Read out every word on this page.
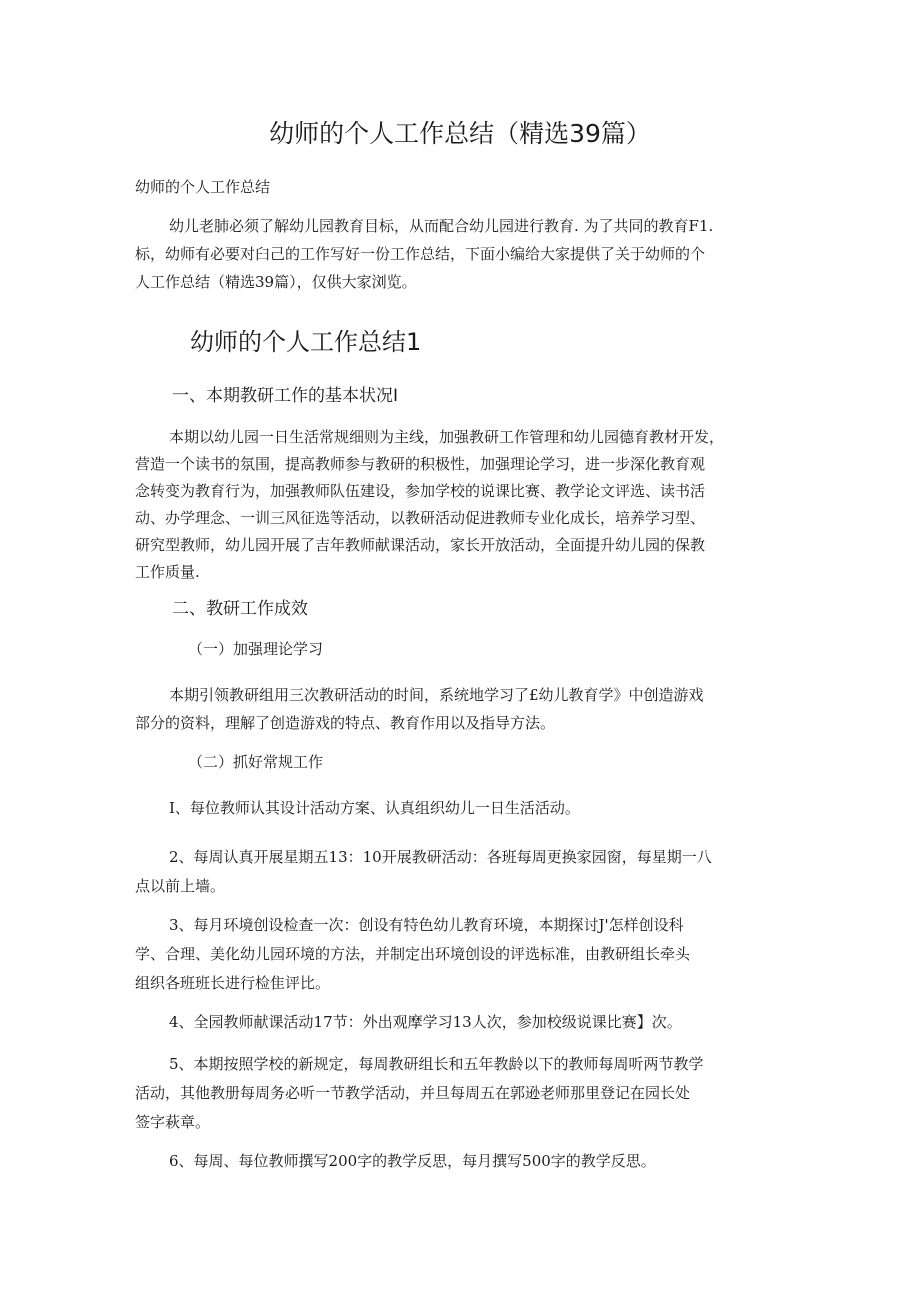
幼师的个人工作总结（精选39篇）
幼师的个人工作总结
幼儿老肺必须了解幼儿园教育目标，从而配合幼儿园进行教育. 为了共同的教育F1.
标，幼师有必要对臼己的工作写好一份工作总结，下面小编给大家提供了关于幼师的个
人工作总结（精选39篇），仅供大家浏览。
幼师的个人工作总结1
一、本期教研工作的基本状况I
本期以幼儿园一日生活常规细则为主线，加强教研工作管理和幼儿园德育教材开发，
营造一个读书的氛围，提高教师参与教研的积极性，加强理论学习，进一步深化教育观
念转变为教育行为，加强教师队伍建设，参加学校的说课比赛、教学论文评选、读书活
动、办学理念、一训三风征选等活动，以教研活动促进教师专业化成长，培养学习型、
研究型教师，幼儿园开展了吉年教师献课活动，家长开放活动，全面提升幼儿园的保教
工作质量.
二、教研工作成效
（一）加强理论学习
本期引领教研组用三次教研活动的时间，系统地学习了£幼儿教育学》中创造游戏
部分的资料，理解了创造游戏的特点、教育作用以及指导方法。
（二）抓好常规工作
I、每位教师认其设计活动方案、认真组织幼儿一日生活活动。
2、每周认真开展星期五13：10开展教研活动：各班每周更换家园窗，每星期一八
点以前上墙。
3、每月环境创设检查一次：创设有特色幼儿教育环境，本期探讨J'怎样创设科
学、合理、美化幼儿园环境的方法，并制定出环境创设的评选标准，由教研组长牵头
组织各班班长进行检隹评比。
4、全园教师献课活动17节：外出观摩学习13人次，参加校级说课比赛】次。
5、本期按照学校的新规定，每周教研组长和五年教龄以下的教师每周听两节教学
活动，其他教册每周务必听一节教学活动，并旦每周五在郭逊老师那里登记在园长处
签字萩章。
6、每周、每位教师撰写200字的教学反思，每月撰写500字的教学反思。
